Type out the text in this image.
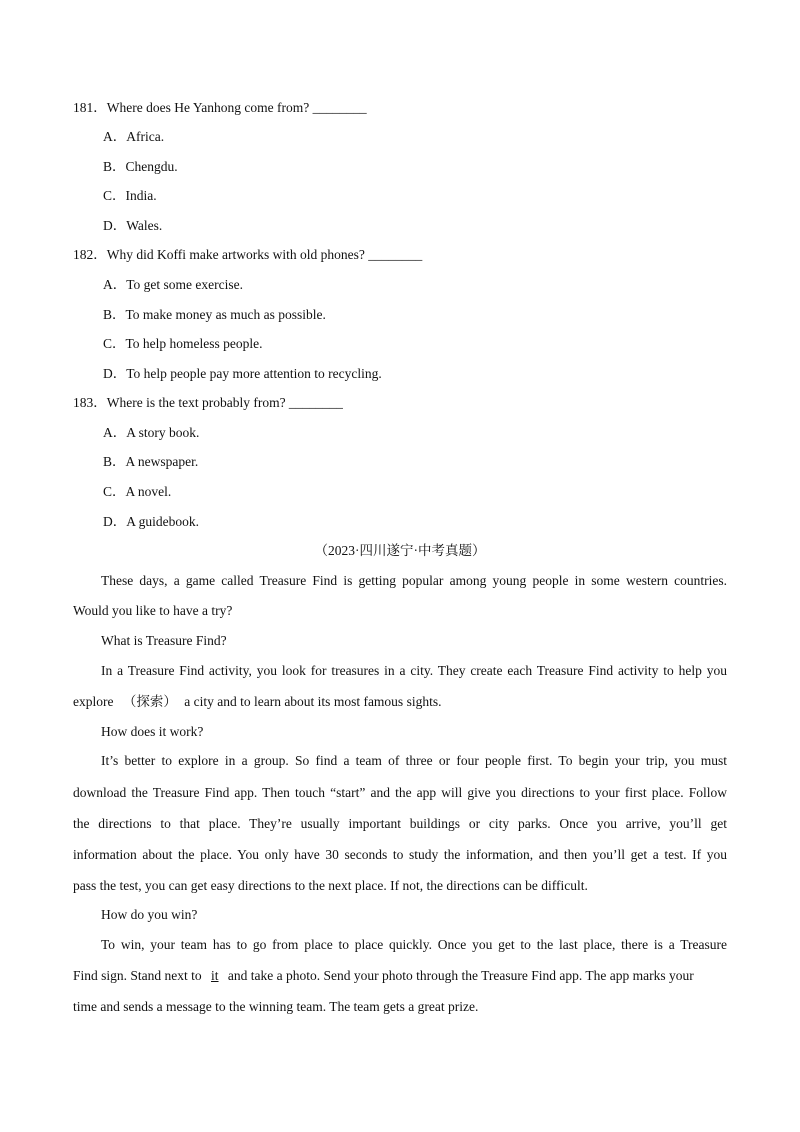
181．Where does He Yanhong come from? ________
A．Africa.
B．Chengdu.
C．India.
D．Wales.
182．Why did Koffi make artworks with old phones? ________
A．To get some exercise.
B．To make money as much as possible.
C．To help homeless people.
D．To help people pay more attention to recycling.
183．Where is the text probably from? ________
A．A story book.
B．A newspaper.
C．A novel.
D．A guidebook.
（2023·四川遂宁·中考真题）
These days, a game called Treasure Find is getting popular among young people in some western countries.
Would you like to have a try?
What is Treasure Find?
In a Treasure Find activity, you look for treasures in a city. They create each Treasure Find activity to help you
explore （探索） a city and to learn about its most famous sights.
How does it work?
It’s better to explore in a group. So find a team of three or four people first. To begin your trip, you must
download the Treasure Find app. Then touch “start” and the app will give you directions to your first place. Follow
the directions to that place. They’re usually important buildings or city parks. Once you arrive, you’ll get
information about the place. You only have 30 seconds to study the information, and then you’ll get a test. If you
pass the test, you can get easy directions to the next place. If not, the directions can be difficult.
How do you win?
To win, your team has to go from place to place quickly. Once you get to the last place, there is a Treasure
Find sign. Stand next to it and take a photo. Send your photo through the Treasure Find app. The app marks your
time and sends a message to the winning team. The team gets a great prize.
